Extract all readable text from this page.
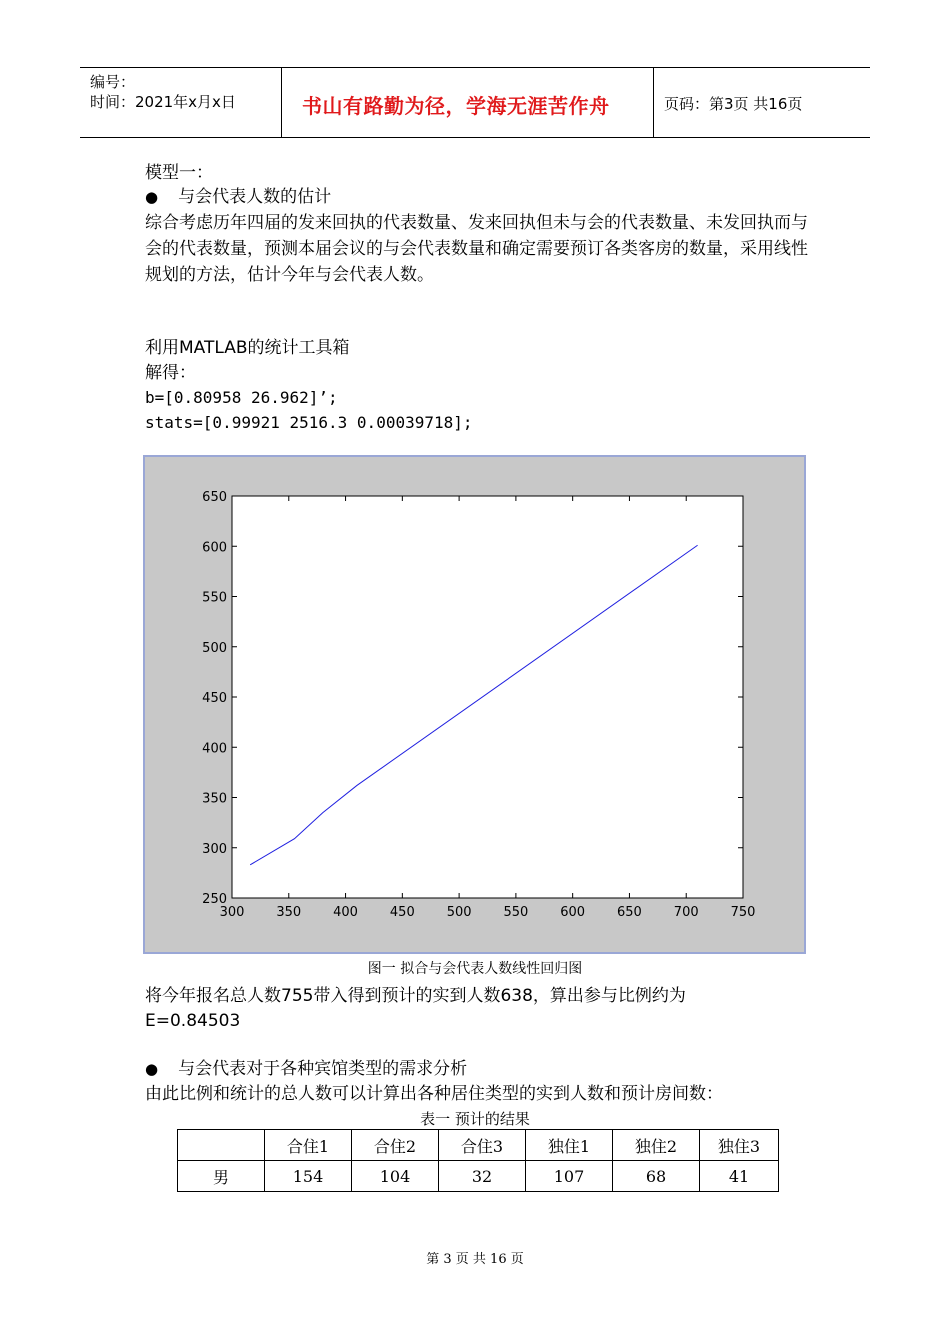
编号：
时间：2021年x月x日	书山有路勤为径，学海无涯苦作舟	页码：第3页 共16页
模型一：
● 与会代表人数的估计
综合考虑历年四届的发来回执的代表数量、发来回执但未与会的代表数量、未发回执而与会的代表数量，预测本届会议的与会代表数量和确定需要预订各类客房的数量，采用线性规划的方法，估计今年与会代表人数。
利用MATLAB的统计工具箱
解得：
b=[0.80958 26.962]’;
stats=[0.99921 2516.3 0.00039718];
300 350 400 450 500 550 600 650 700 750
250
300
350
400
450
500
550
600
650
图一 拟合与会代表人数线性回归图
将今年报名总人数755带入得到预计的实到人数638，算出参与比例约为
E=0.84503
● 与会代表对于各种宾馆类型的需求分析
由此比例和统计的总人数可以计算出各种居住类型的实到人数和预计房间数：
表一 预计的结果
	合住1	合住2	合住3	独住1	独住2	独住3
男	154	104	32	107	68	41
第 3 页 共 16 页
